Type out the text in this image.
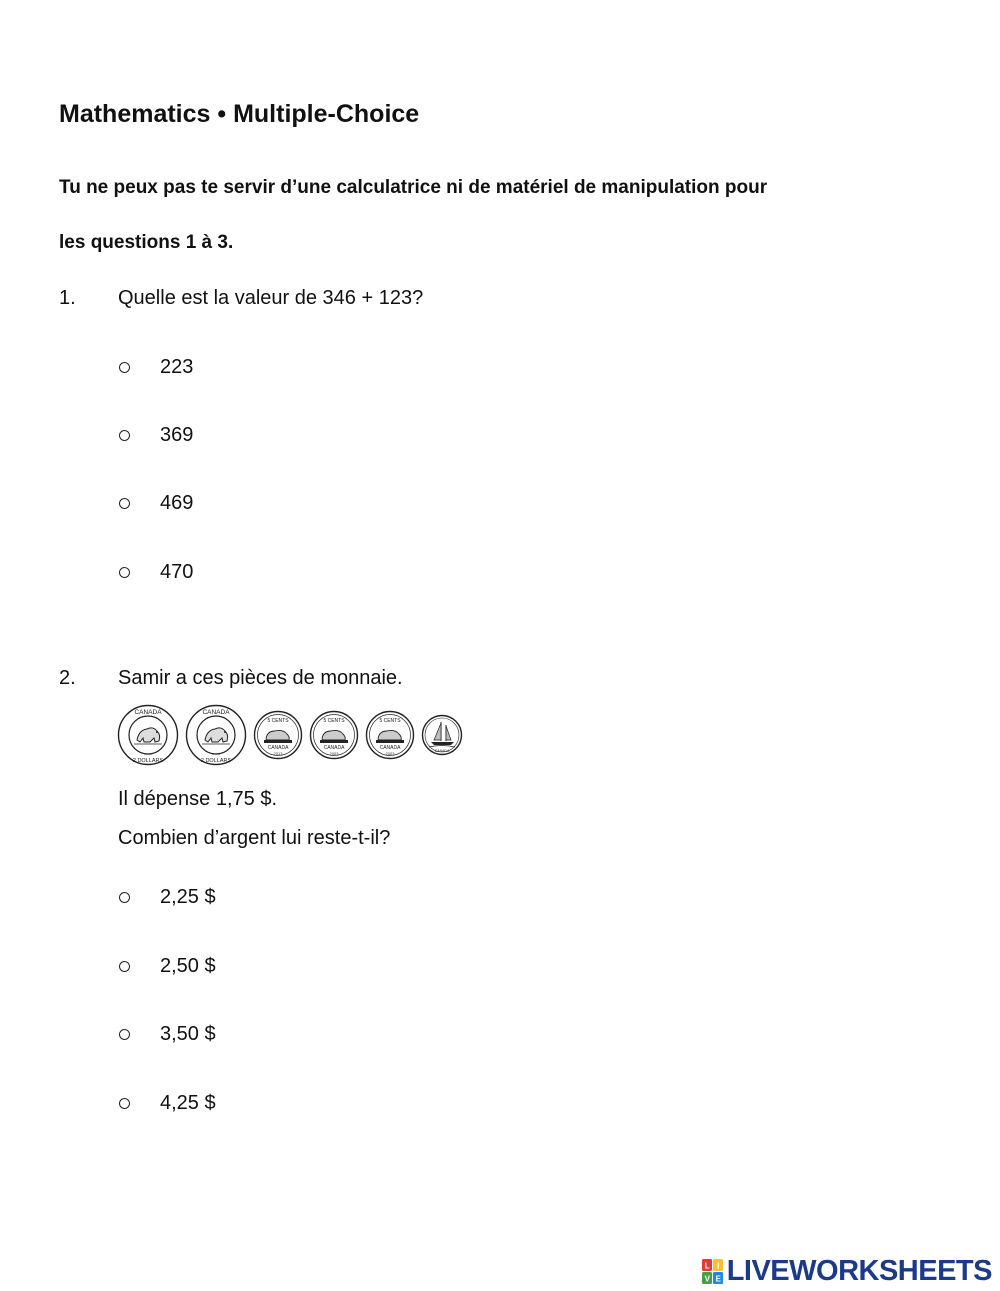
Mathematics • Multiple-Choice
Tu ne peux pas te servir d’une calculatrice ni de matériel de manipulation pour
les questions 1 à 3.
1. Quelle est la valeur de 346 + 123?
223
369
469
470
2. Samir a ces pièces de monnaie.
CANADA
2 DOLLARS
CANADA
2 DOLLARS
5 CENTS
CANADA
2013
5 CENTS
CANADA
2003
5 CENTS
CANADA
2003	CANADA
Il dépense 1,75 $.
Combien d’argent lui reste-t-il?
2,25 $
2,50 $
3,50 $
4,25 $
L I
V E LIVEWORKSHEETS
